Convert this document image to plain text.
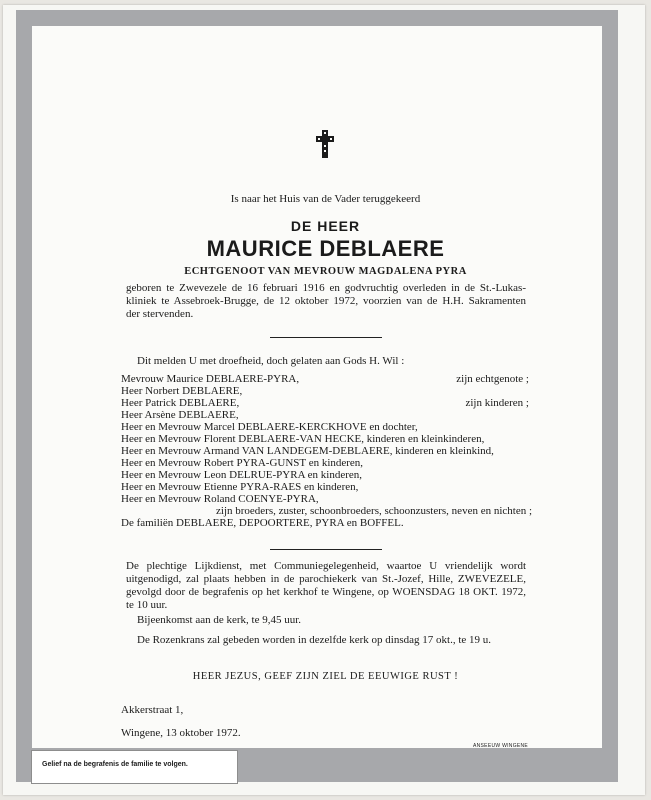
Is naar het Huis van de Vader teruggekeerd
DE HEER
MAURICE DEBLAERE
ECHTGENOOT VAN MEVROUW MAGDALENA PYRA
geboren te Zwevezele de 16 februari 1916 en godvruchtig overleden in de St.-Lukas-
kliniek te Assebroek-Brugge, de 12 oktober 1972, voorzien van de H.H. Sakramenten
der stervenden.
Dit melden U met droefheid, doch gelaten aan Gods H. Wil :
Mevrouw Maurice DEBLAERE-PYRA,	zijn echtgenote ;
Heer Norbert DEBLAERE,
Heer Patrick DEBLAERE,	zijn kinderen ;
Heer Arsène DEBLAERE,
Heer en Mevrouw Marcel DEBLAERE-KERCKHOVE en dochter,
Heer en Mevrouw Florent DEBLAERE-VAN HECKE, kinderen en kleinkinderen,
Heer en Mevrouw Armand VAN LANDEGEM-DEBLAERE, kinderen en kleinkind,
Heer en Mevrouw Robert PYRA-GUNST en kinderen,
Heer en Mevrouw Leon DELRUE-PYRA en kinderen,
Heer en Mevrouw Etienne PYRA-RAES en kinderen,
Heer en Mevrouw Roland COENYE-PYRA,
zijn broeders, zuster, schoonbroeders, schoonzusters, neven en nichten ;
De familiën DEBLAERE, DEPOORTERE, PYRA en BOFFEL.
De plechtige Lijkdienst, met Communiegelegenheid, waartoe U vriendelijk wordt
uitgenodigd, zal plaats hebben in de parochiekerk van St.-Jozef, Hille, ZWEVEZELE,
gevolgd door de begrafenis op het kerkhof te Wingene, op WOENSDAG 18 OKT. 1972,
te 10 uur.
Bijeenkomst aan de kerk, te 9,45 uur.
De Rozenkrans zal gebeden worden in dezelfde kerk op dinsdag 17 okt., te 19 u.
HEER JEZUS, GEEF ZIJN ZIEL DE EEUWIGE RUST !
Akkerstraat 1,
Wingene, 13 oktober 1972.
ANSEEUW WINGENE
Gelief na de begrafenis de familie te volgen.
